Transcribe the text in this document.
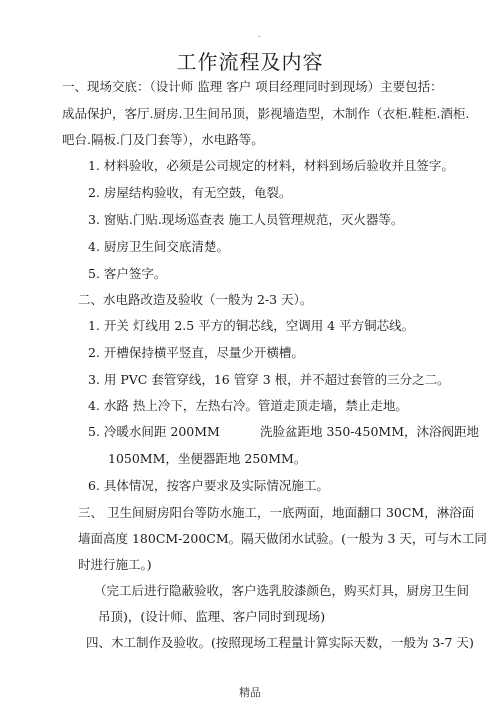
.
工作流程及内容
一、现场交底：（设计师 监理 客户 项目经理同时到现场）主要包括：
成品保护，客厅.厨房.卫生间吊顶，影视墙造型，木制作（衣柜.鞋柜.酒柜.
吧台.隔板.门及门套等），水电路等。
1. 材料验收，必须是公司规定的材料，材料到场后验收并且签字。
2. 房屋结构验收，有无空鼓，龟裂。
3. 窗贴.门贴.现场巡查表 施工人员管理规范，灭火器等。
4. 厨房卫生间交底清楚。
5. 客户签字。
二、水电路改造及验收（一般为 2-3 天）。
1. 开关 灯线用 2.5 平方的铜芯线，空调用 4 平方铜芯线。
2. 开槽保持横平竖直，尽量少开横槽。
3. 用 PVC 套管穿线，16 管穿 3 根，并不超过套管的三分之二。
4. 水路 热上冷下，左热右冷。管道走顶走墙，禁止走地。
5. 冷暖水间距 200MM	洗脸盆距地 350-450MM，沐浴阀距地
1050MM，坐便器距地 250MM。
6. 具体情况，按客户要求及实际情况施工。
三、 卫生间厨房阳台等防水施工，一底两面，地面翻口 30CM，淋浴面
墙面高度 180CM-200CM。隔天做闭水试验。(一般为 3 天，可与木工同
时进行施工。)
（完工后进行隐蔽验收，客户选乳胶漆颜色，购买灯具，厨房卫生间
吊顶)，(设计师、监理、客户同时到现场)
四、木工制作及验收。(按照现场工程量计算实际天数，一般为 3-7 天)
精品
